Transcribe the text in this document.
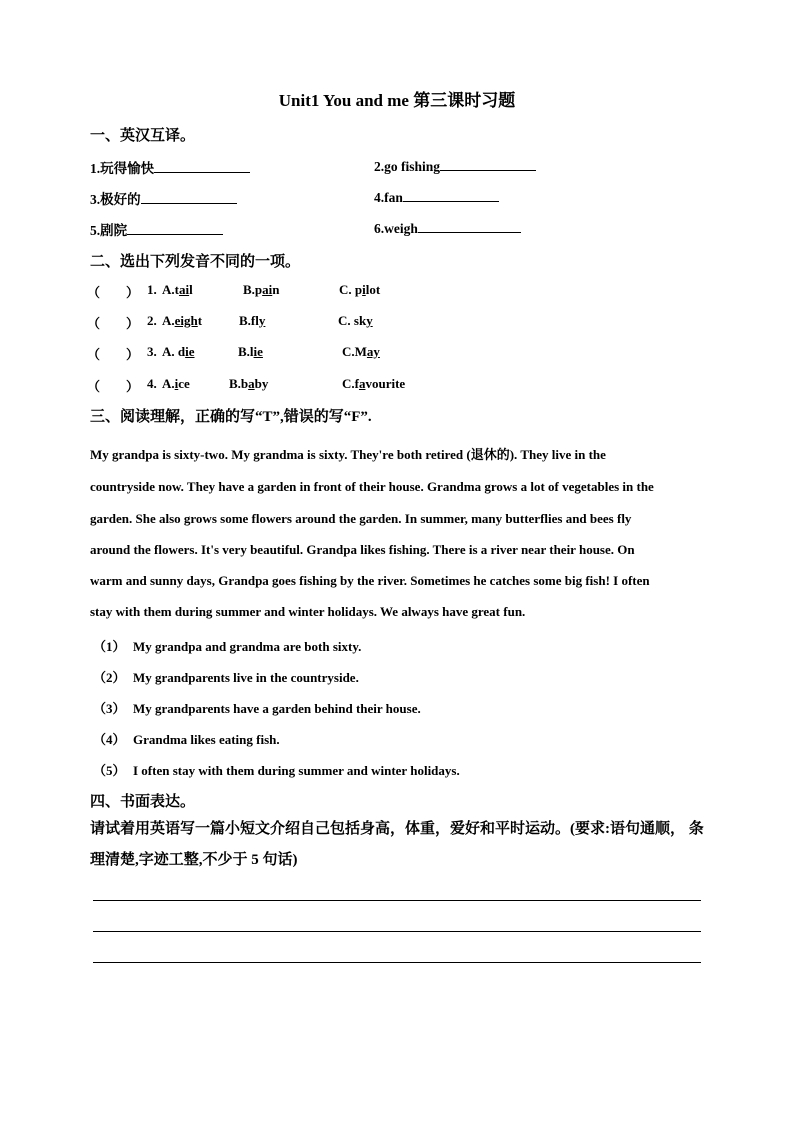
Unit1 You and me 第三课时习题
一、英汉互译。
1.玩得愉快	2.go fishing
3.极好的	4.fan
5.剧院	6.weigh
二、选出下列发音不同的一项。
（　　） 1. A.tail	B.pain	C. pilot
（　　） 2. A.eight	B.fly	C. sky
（　　） 3. A. die	B.lie	C.May
（　　） 4. A.ice	B.baby	C.favourite
三、阅读理解，正确的写“T”,错误的写“F”.
My grandpa is sixty-two. My grandma is sixty. They're both retired (退休的). They live in the
countryside now. They have a garden in front of their house. Grandma grows a lot of vegetables in the
garden. She also grows some flowers around the garden. In summer, many butterflies and bees fly
around the flowers. It's very beautiful. Grandpa likes fishing. There is a river near their house. On
warm and sunny days, Grandpa goes fishing by the river. Sometimes he catches some big fish! I often
stay with them during summer and winter holidays. We always have great fun.
（1） My grandpa and grandma are both sixty.
（2） My grandparents live in the countryside.
（3） My grandparents have a garden behind their house.
（4） Grandma likes eating fish.
（5） I often stay with them during summer and winter holidays.
四、书面表达。
请试着用英语写一篇小短文介绍自己包括身高，体重，爱好和平时运动。(要求:语句通顺， 条理清楚,字迹工整,不少于 5 句话)
